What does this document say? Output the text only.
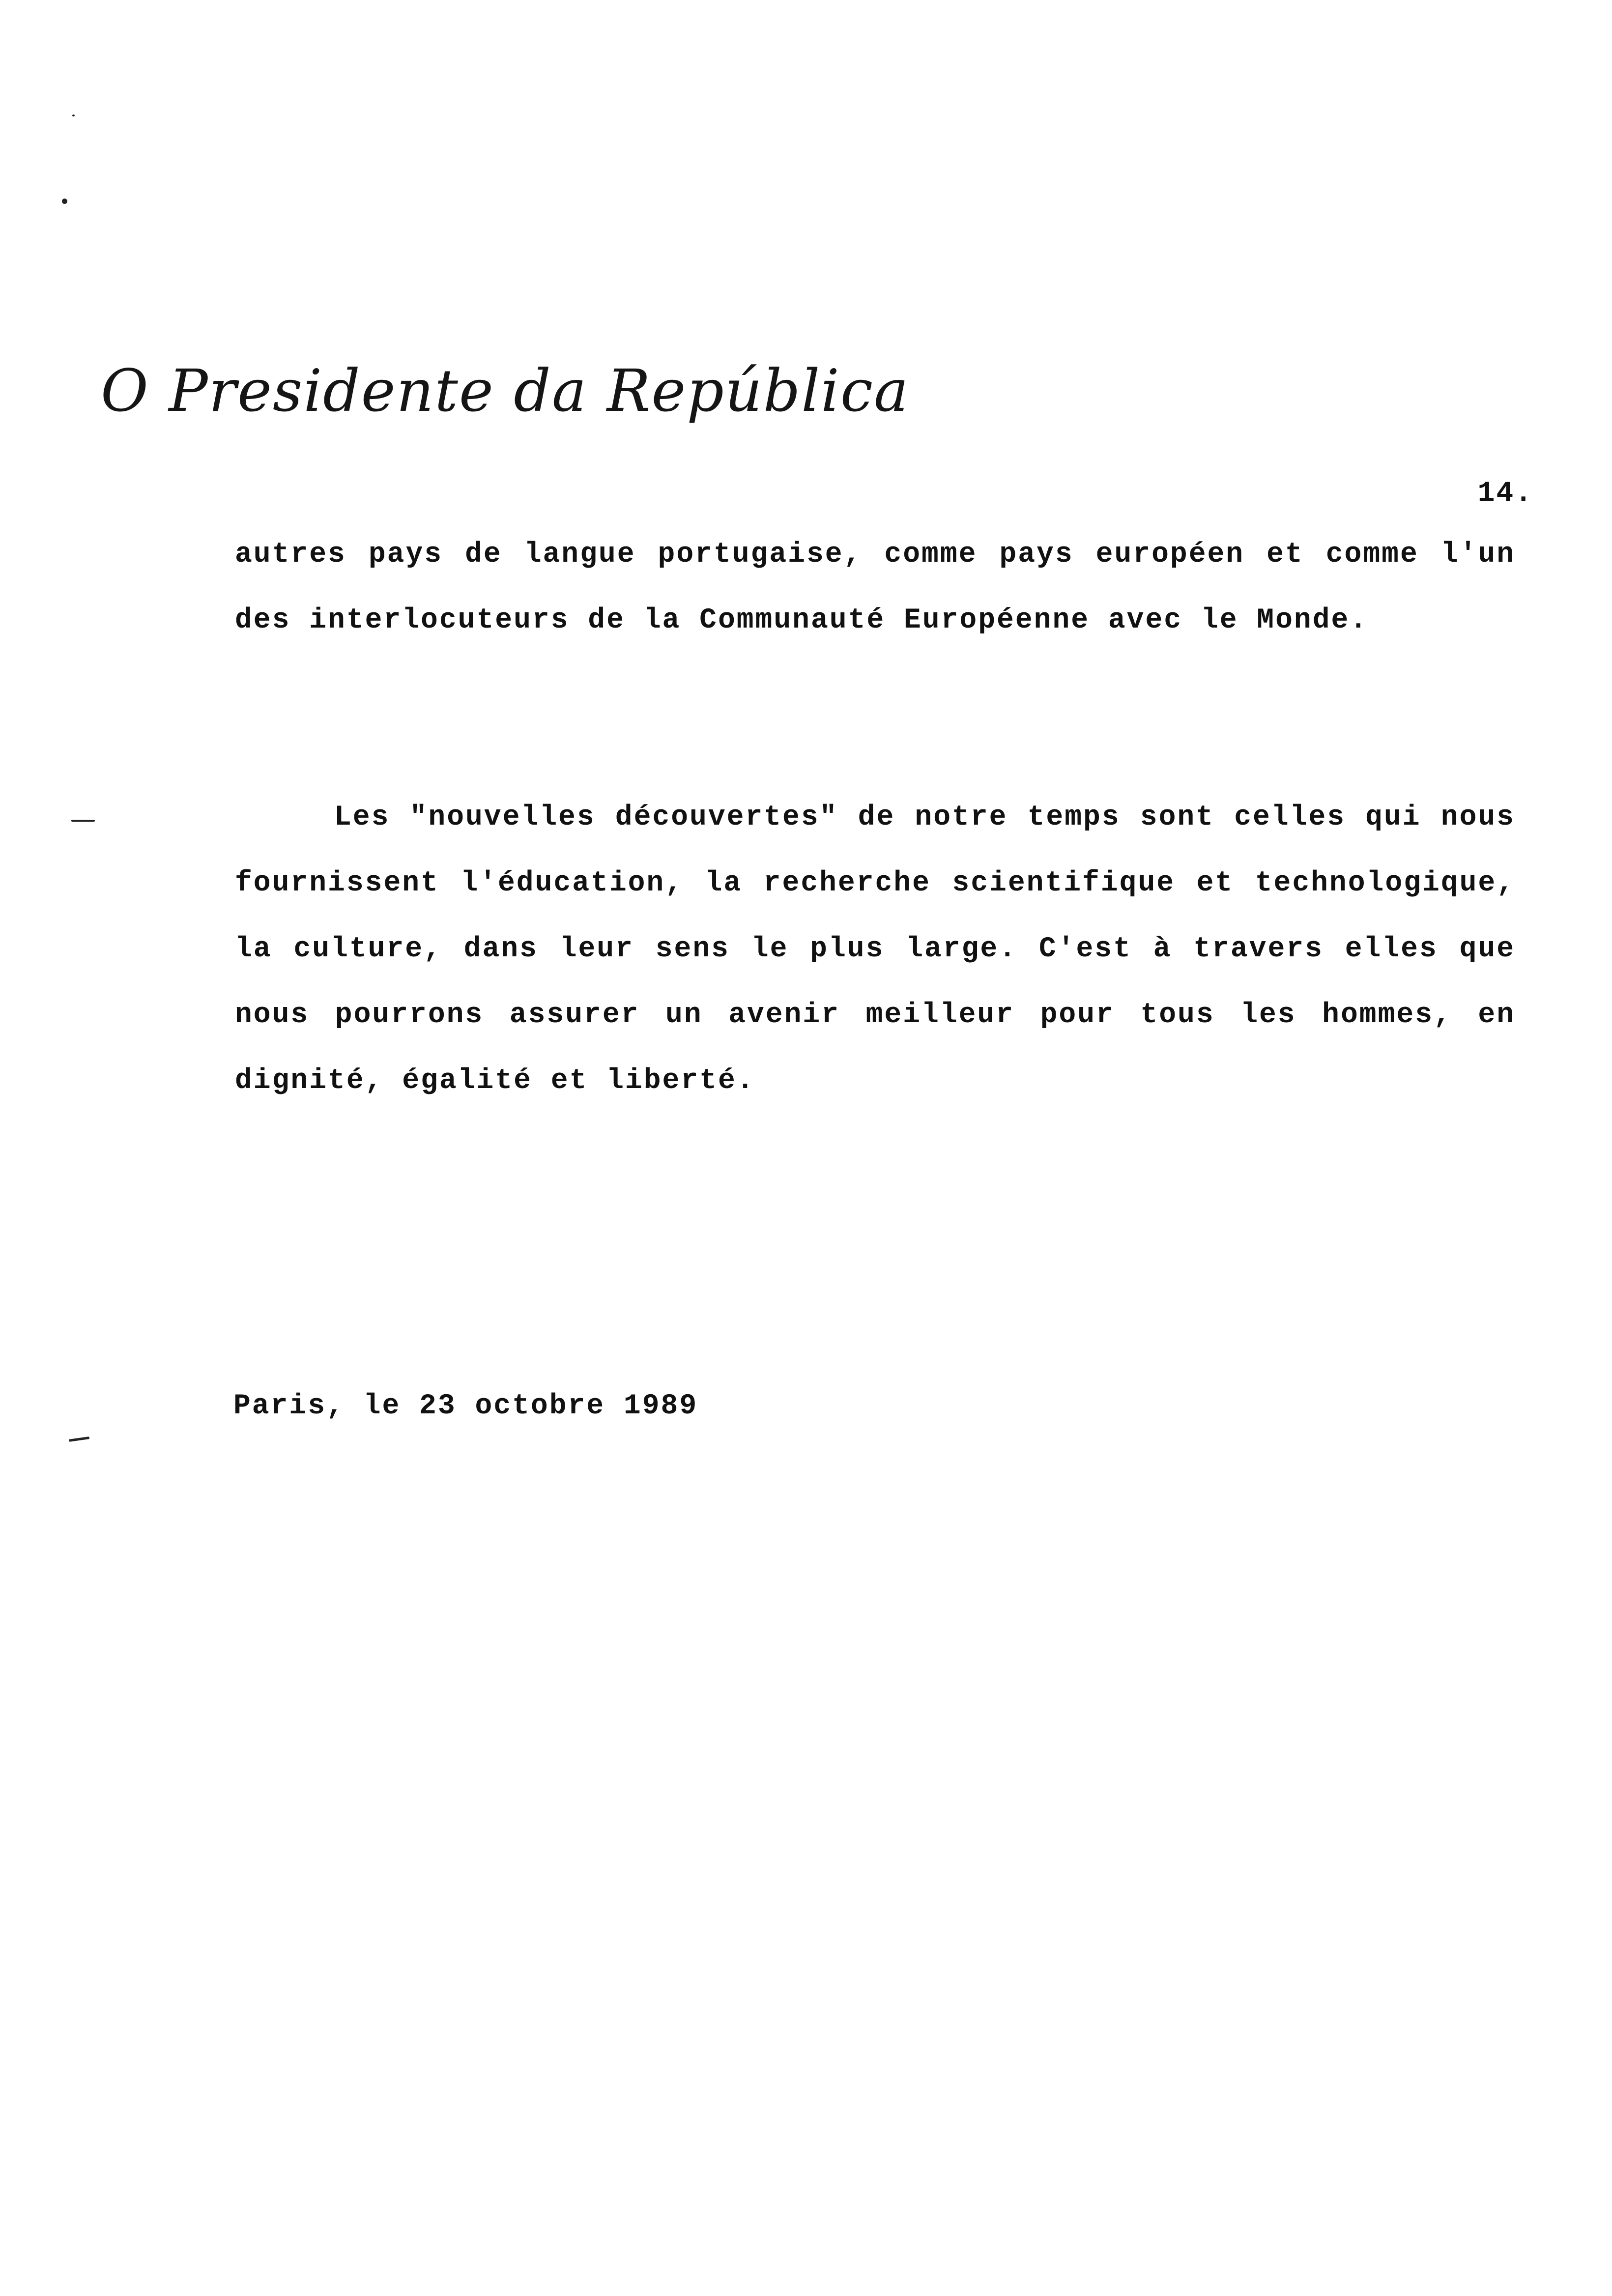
O Presidente da República
14.

autres pays de langue portugaise, comme pays européen et comme l'un des interlocuteurs de la Communauté Européenne avec le Monde.

Les "nouvelles découvertes" de notre temps sont celles qui nous fournissent l'éducation, la recherche scientifique et technologique, la culture, dans leur sens le plus large. C'est à travers elles que nous pourrons assurer un avenir meilleur pour tous les hommes, en dignité, égalité et liberté.

Paris, le 23 octobre 1989
